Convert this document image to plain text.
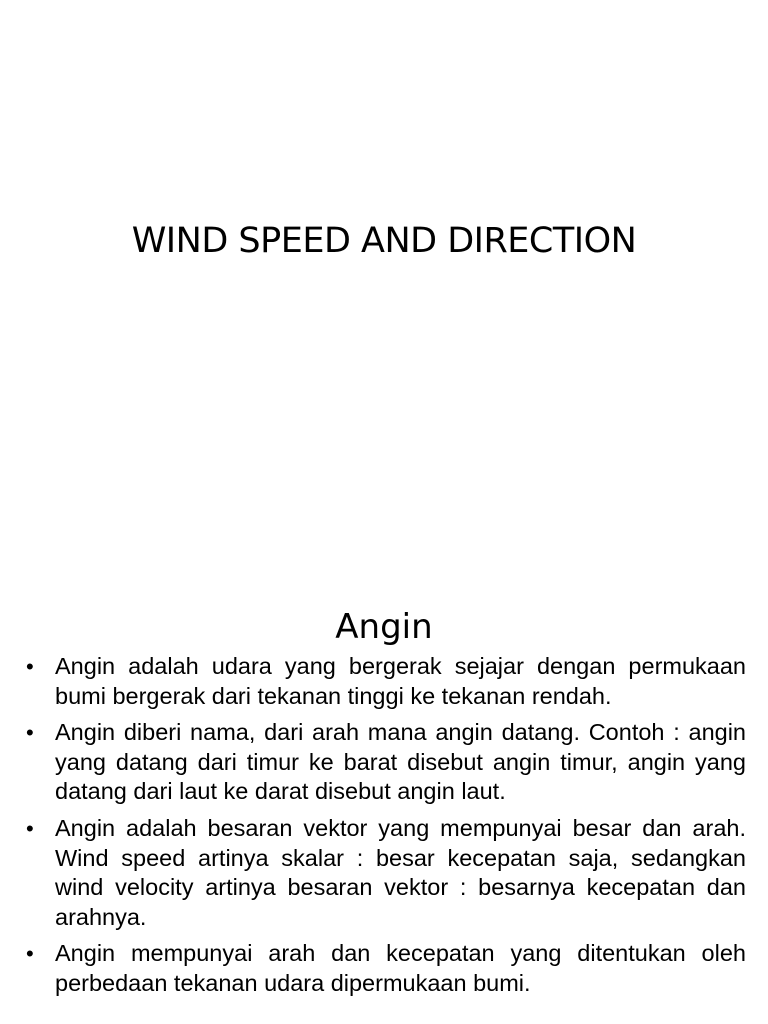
WIND SPEED AND DIRECTION
Angin
• Angin adalah udara yang bergerak sejajar dengan permukaan bumi bergerak dari tekanan tinggi ke tekanan rendah.
• Angin diberi nama, dari arah mana angin datang. Contoh : angin yang datang dari timur ke barat disebut angin timur, angin yang datang dari laut ke darat disebut angin laut.
• Angin adalah besaran vektor yang mempunyai besar dan arah. Wind speed artinya skalar : besar kecepatan saja, sedangkan wind velocity artinya besaran vektor : besarnya kecepatan dan arahnya.
• Angin mempunyai arah dan kecepatan yang ditentukan oleh perbedaan tekanan udara dipermukaan bumi.
